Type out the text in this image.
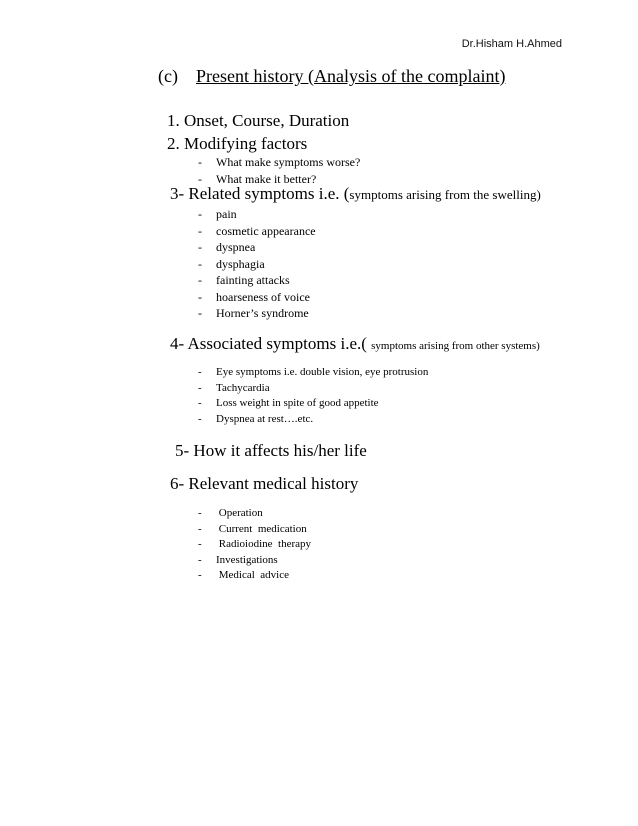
Dr.Hisham H.Ahmed
(c) Present history (Analysis of the complaint)
1. Onset, Course, Duration
2. Modifying factors
- What make symptoms worse?
- What make it better?
3- Related symptoms i.e. (symptoms arising from the swelling)
- pain
- cosmetic appearance
- dyspnea
- dysphagia
- fainting attacks
- hoarseness of voice
- Horner’s syndrome
4- Associated symptoms i.e.( symptoms arising from other systems)
- Eye symptoms i.e. double vision, eye protrusion
- Tachycardia
- Loss weight in spite of good appetite
- Dyspnea at rest….etc.
5- How it affects his/her life
6- Relevant medical history
- Operation
- Current  medication
- Radioiodine  therapy
- Investigations
- Medical  advice
